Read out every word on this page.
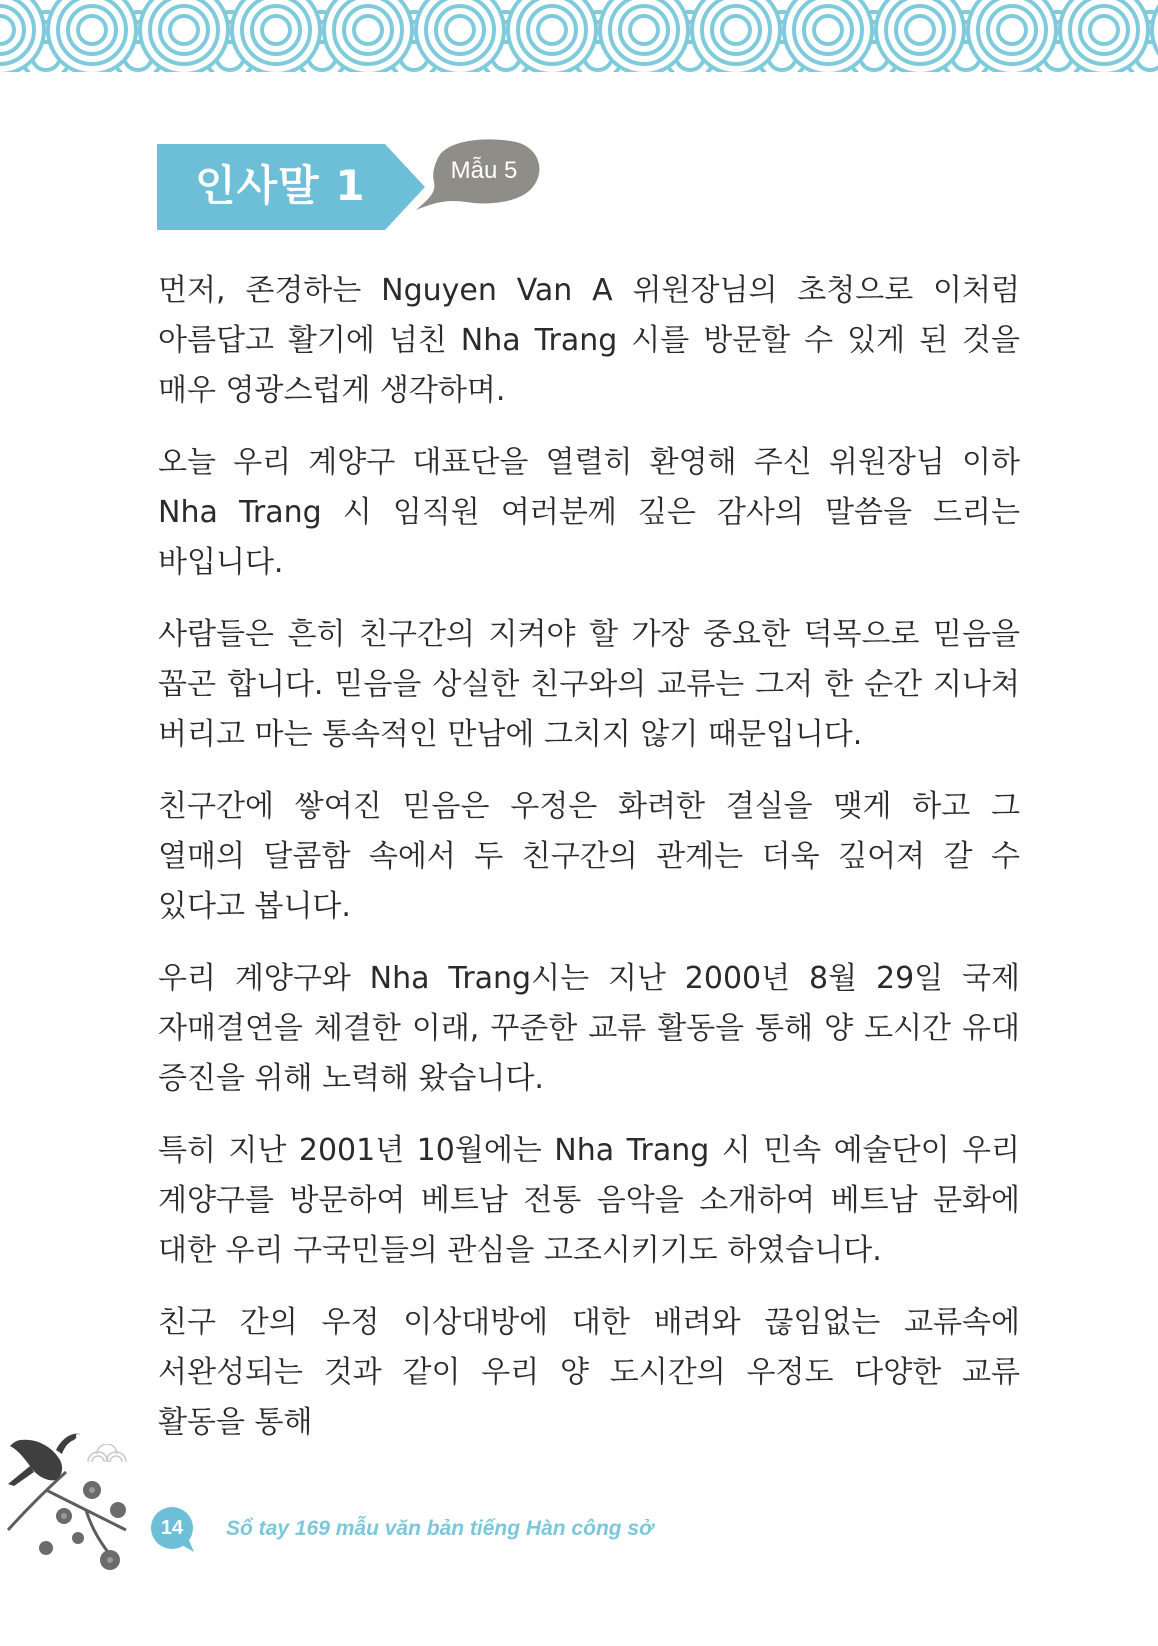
인사말 1	Mẫu 5

먼저, 존경하는 Nguyen Van A 위원장님의 초청으로 이처럼 아름답고 활기에 넘친 Nha Trang 시를 방문할 수 있게 된 것을 매우 영광스럽게 생각하며.

오늘 우리 계양구 대표단을 열렬히 환영해 주신 위원장님 이하 Nha Trang 시 임직원 여러분께 깊은 감사의 말씀을 드리는 바입니다.

사람들은 흔히 친구간의 지켜야 할 가장 중요한 덕목으로 믿음을 꼽곤 합니다. 믿음을 상실한 친구와의 교류는 그저 한 순간 지나쳐 버리고 마는 통속적인 만남에 그치지 않기 때문입니다.

친구간에 쌓여진 믿음은 우정은 화려한 결실을 맺게 하고 그 열매의 달콤함 속에서 두 친구간의 관계는 더욱 깊어져 갈 수 있다고 봅니다.

우리 계양구와 Nha Trang시는 지난 2000년 8월 29일 국제 자매결연을 체결한 이래, 꾸준한 교류 활동을 통해 양 도시간 유대 증진을 위해 노력해 왔습니다.

특히 지난 2001년 10월에는 Nha Trang 시 민속 예술단이 우리 계양구를 방문하여 베트남 전통 음악을 소개하여 베트남 문화에 대한 우리 구국민들의 관심을 고조시키기도 하였습니다.

친구 간의 우정 이상대방에 대한 배려와 끊임없는 교류속에 서완성되는 것과 같이 우리 양 도시간의 우정도 다양한 교류 활동을 통해

14	Sổ tay 169 mẫu văn bản tiếng Hàn công sở
